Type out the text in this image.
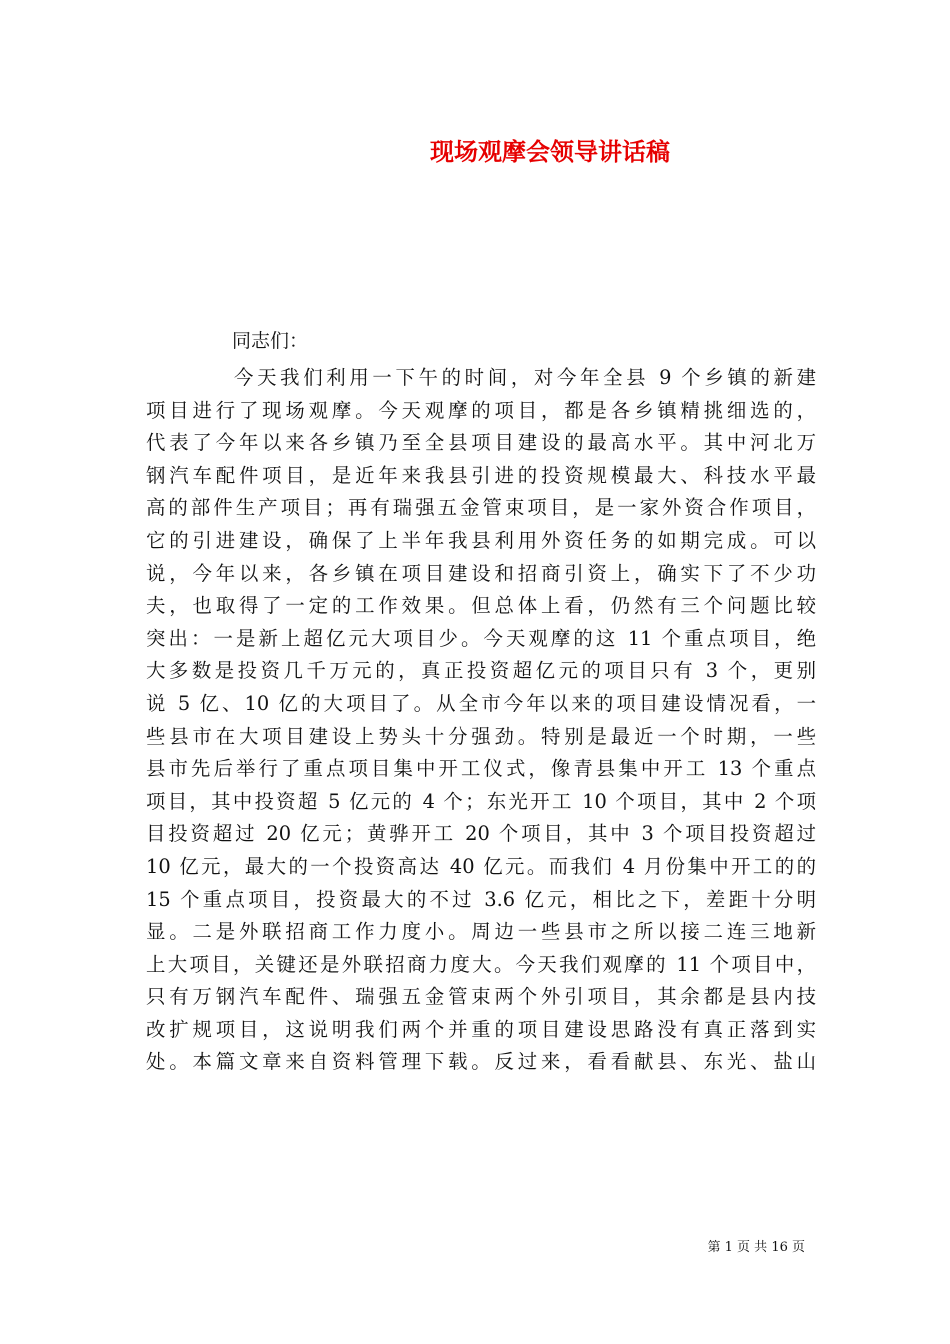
现场观摩会领导讲话稿

同志们：

今天我们利用一下午的时间，对今年全县 9 个乡镇的新建
项目进行了现场观摩。今天观摩的项目，都是各乡镇精挑细选的，
代表了今年以来各乡镇乃至全县项目建设的最高水平。其中河北万
钢汽车配件项目，是近年来我县引进的投资规模最大、科技水平最
高的部件生产项目；再有瑞强五金管束项目，是一家外资合作项目，
它的引进建设，确保了上半年我县利用外资任务的如期完成。可以
说，今年以来，各乡镇在项目建设和招商引资上，确实下了不少功
夫，也取得了一定的工作效果。但总体上看，仍然有三个问题比较
突出：一是新上超亿元大项目少。今天观摩的这 11 个重点项目，绝
大多数是投资几千万元的，真正投资超亿元的项目只有 3 个，更别
说 5 亿、10 亿的大项目了。从全市今年以来的项目建设情况看，一
些县市在大项目建设上势头十分强劲。特别是最近一个时期，一些
县市先后举行了重点项目集中开工仪式，像青县集中开工 13 个重点
项目，其中投资超 5 亿元的 4 个；东光开工 10 个项目，其中 2 个项
目投资超过 20 亿元；黄骅开工 20 个项目，其中 3 个项目投资超过
10 亿元，最大的一个投资高达 40 亿元。而我们 4 月份集中开工的的
15 个重点项目，投资最大的不过 3.6 亿元，相比之下，差距十分明
显。二是外联招商工作力度小。周边一些县市之所以接二连三地新
上大项目，关键还是外联招商力度大。今天我们观摩的 11 个项目中，
只有万钢汽车配件、瑞强五金管束两个外引项目，其余都是县内技
改扩规项目，这说明我们两个并重的项目建设思路没有真正落到实
处。本篇文章来自资料管理下载。反过来，看看献县、东光、盐山

第 1 页 共 16 页
